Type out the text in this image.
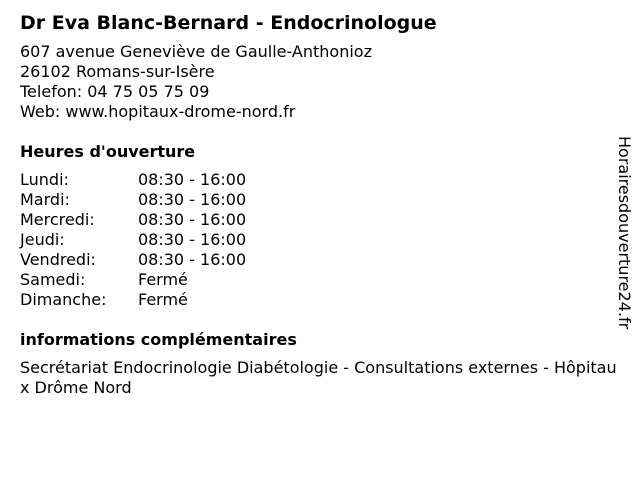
Dr Eva Blanc-Bernard - Endocrinologue
607 avenue Geneviève de Gaulle-Anthonioz
26102 Romans-sur-Isère
Telefon: 04 75 05 75 09
Web: www.hopitaux-drome-nord.fr
Heures d'ouverture
Lundi:	08:30 - 16:00
Mardi:	08:30 - 16:00
Mercredi:	08:30 - 16:00
Jeudi:	08:30 - 16:00
Vendredi:	08:30 - 16:00
Samedi:	Fermé
Dimanche:	Fermé
informations complémentaires
Secrétariat Endocrinologie Diabétologie - Consultations externes - Hôpitaux Drôme Nord
Horairesdouverture24.fr
